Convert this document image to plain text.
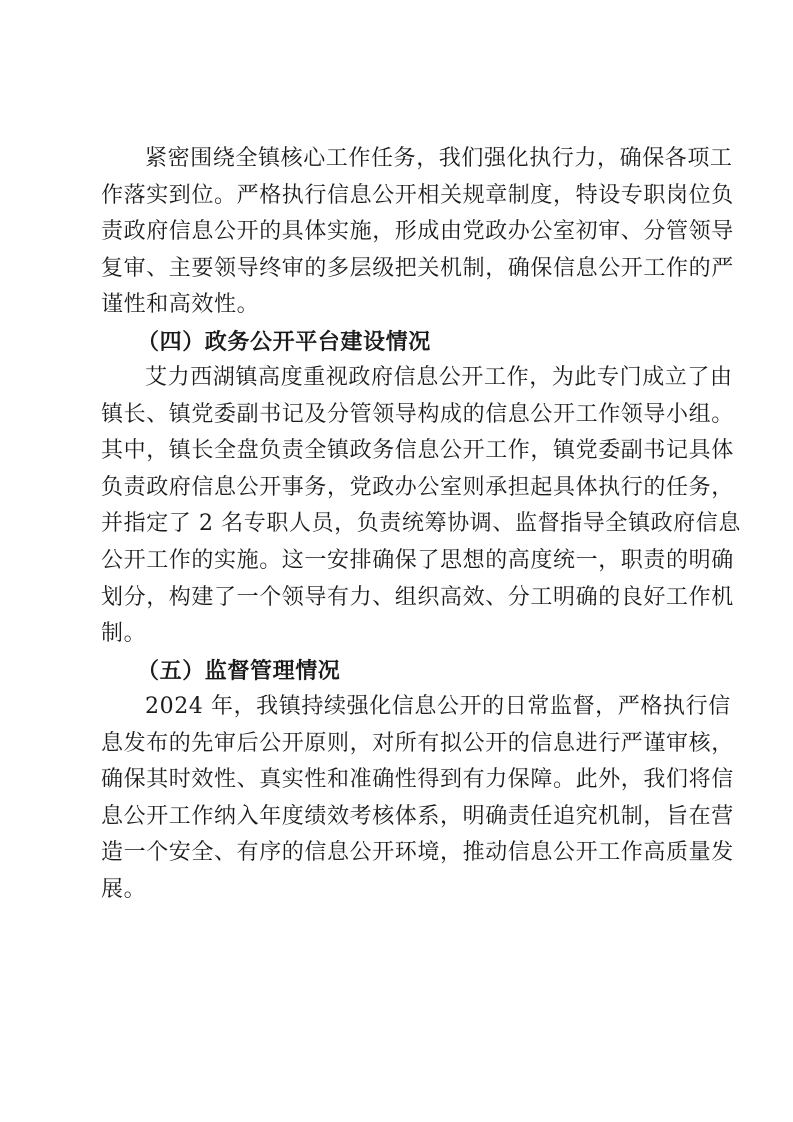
紧密围绕全镇核心工作任务，我们强化执行力，确保各项工
作落实到位。严格执行信息公开相关规章制度，特设专职岗位负
责政府信息公开的具体实施，形成由党政办公室初审、分管领导
复审、主要领导终审的多层级把关机制，确保信息公开工作的严
谨性和高效性。
（四）政务公开平台建设情况
艾力西湖镇高度重视政府信息公开工作，为此专门成立了由
镇长、镇党委副书记及分管领导构成的信息公开工作领导小组。
其中，镇长全盘负责全镇政务信息公开工作，镇党委副书记具体
负责政府信息公开事务，党政办公室则承担起具体执行的任务，
并指定了 2 名专职人员，负责统筹协调、监督指导全镇政府信息
公开工作的实施。这一安排确保了思想的高度统一，职责的明确
划分，构建了一个领导有力、组织高效、分工明确的良好工作机
制。
（五）监督管理情况
2024 年，我镇持续强化信息公开的日常监督，严格执行信
息发布的先审后公开原则，对所有拟公开的信息进行严谨审核，
确保其时效性、真实性和准确性得到有力保障。此外，我们将信
息公开工作纳入年度绩效考核体系，明确责任追究机制，旨在营
造一个安全、有序的信息公开环境，推动信息公开工作高质量发
展。
